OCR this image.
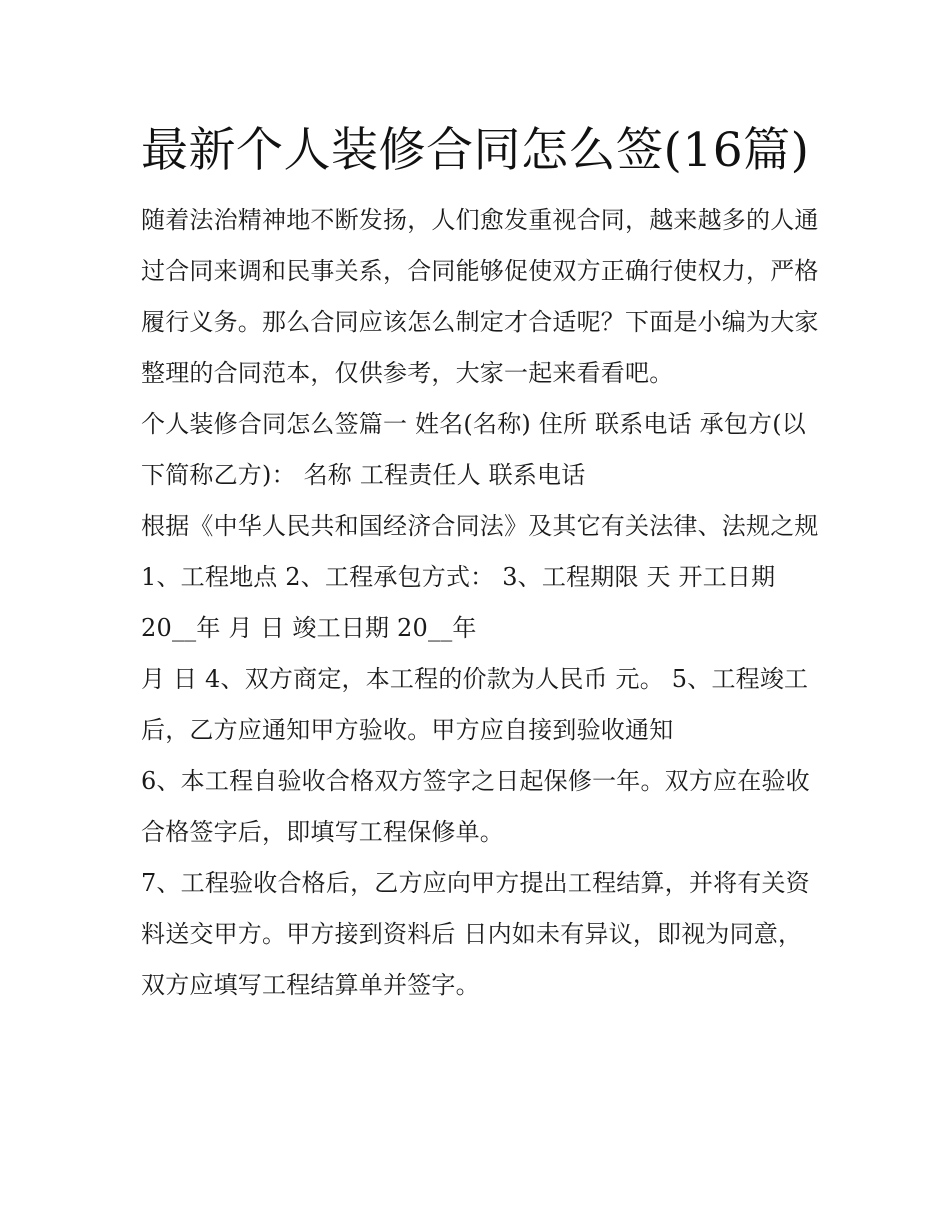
最新个人装修合同怎么签(16篇)

随着法治精神地不断发扬，人们愈发重视合同，越来越多的人通过合同来调和民事关系，合同能够促使双方正确行使权力，严格履行义务。那么合同应该怎么制定才合适呢？下面是小编为大家整理的合同范本，仅供参考，大家一起来看看吧。

个人装修合同怎么签篇一 姓名(名称) 住所 联系电话 承包方(以下简称乙方)： 名称 工程责任人 联系电话

根据《中华人民共和国经济合同法》及其它有关法律、法规之规 1、工程地点 2、工程承包方式： 3、工程期限 天 开工日期 20__年 月 日 竣工日期 20__年

月 日 4、双方商定，本工程的价款为人民币 元。 5、工程竣工后，乙方应通知甲方验收。甲方应自接到验收通知

6、本工程自验收合格双方签字之日起保修一年。双方应在验收合格签字后，即填写工程保修单。

7、工程验收合格后，乙方应向甲方提出工程结算，并将有关资料送交甲方。甲方接到资料后 日内如未有异议，即视为同意，双方应填写工程结算单并签字。
